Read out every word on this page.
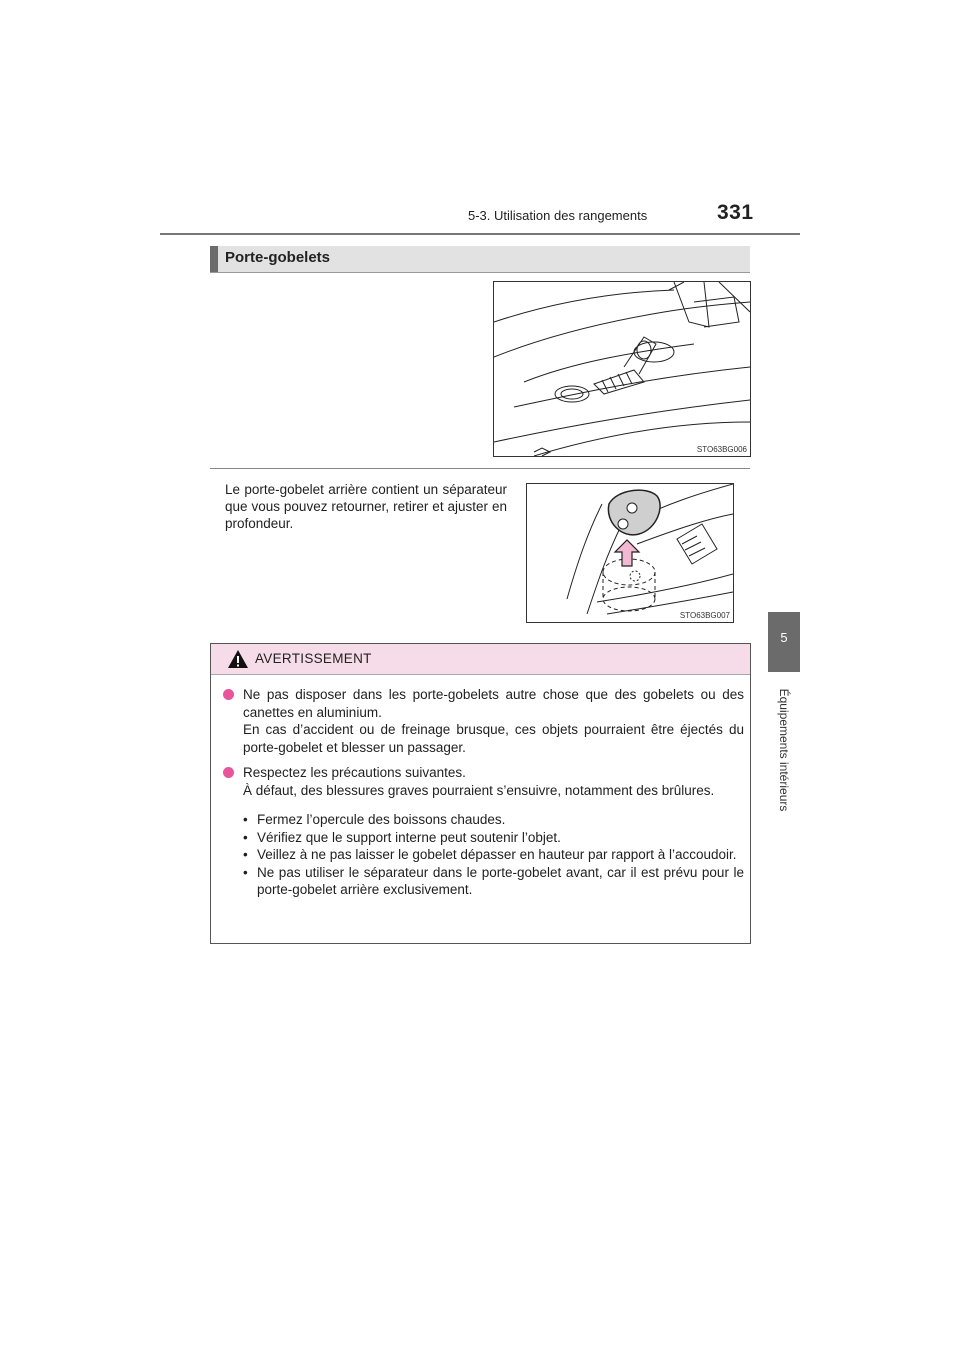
5-3. Utilisation des rangements	331
5
Équipements intérieurs
Porte-gobelets
STO63BG006

Le porte-gobelet arrière contient un séparateur que vous pouvez retourner, retirer et ajuster en profondeur.

STO63BG007
AVERTISSEMENT

Ne pas disposer dans les porte-gobelets autre chose que des gobelets ou des canettes en aluminium.

En cas d’accident ou de freinage brusque, ces objets pourraient être éjectés du porte-gobelet et blesser un passager.

Respectez les précautions suivantes.

À défaut, des blessures graves pourraient s’ensuivre, notamment des brûlures.

• Fermez l’opercule des boissons chaudes.
• Vérifiez que le support interne peut soutenir l’objet.
• Veillez à ne pas laisser le gobelet dépasser en hauteur par rapport à l’accoudoir.
• Ne pas utiliser le séparateur dans le porte-gobelet avant, car il est prévu pour le porte-gobelet arrière exclusivement.
